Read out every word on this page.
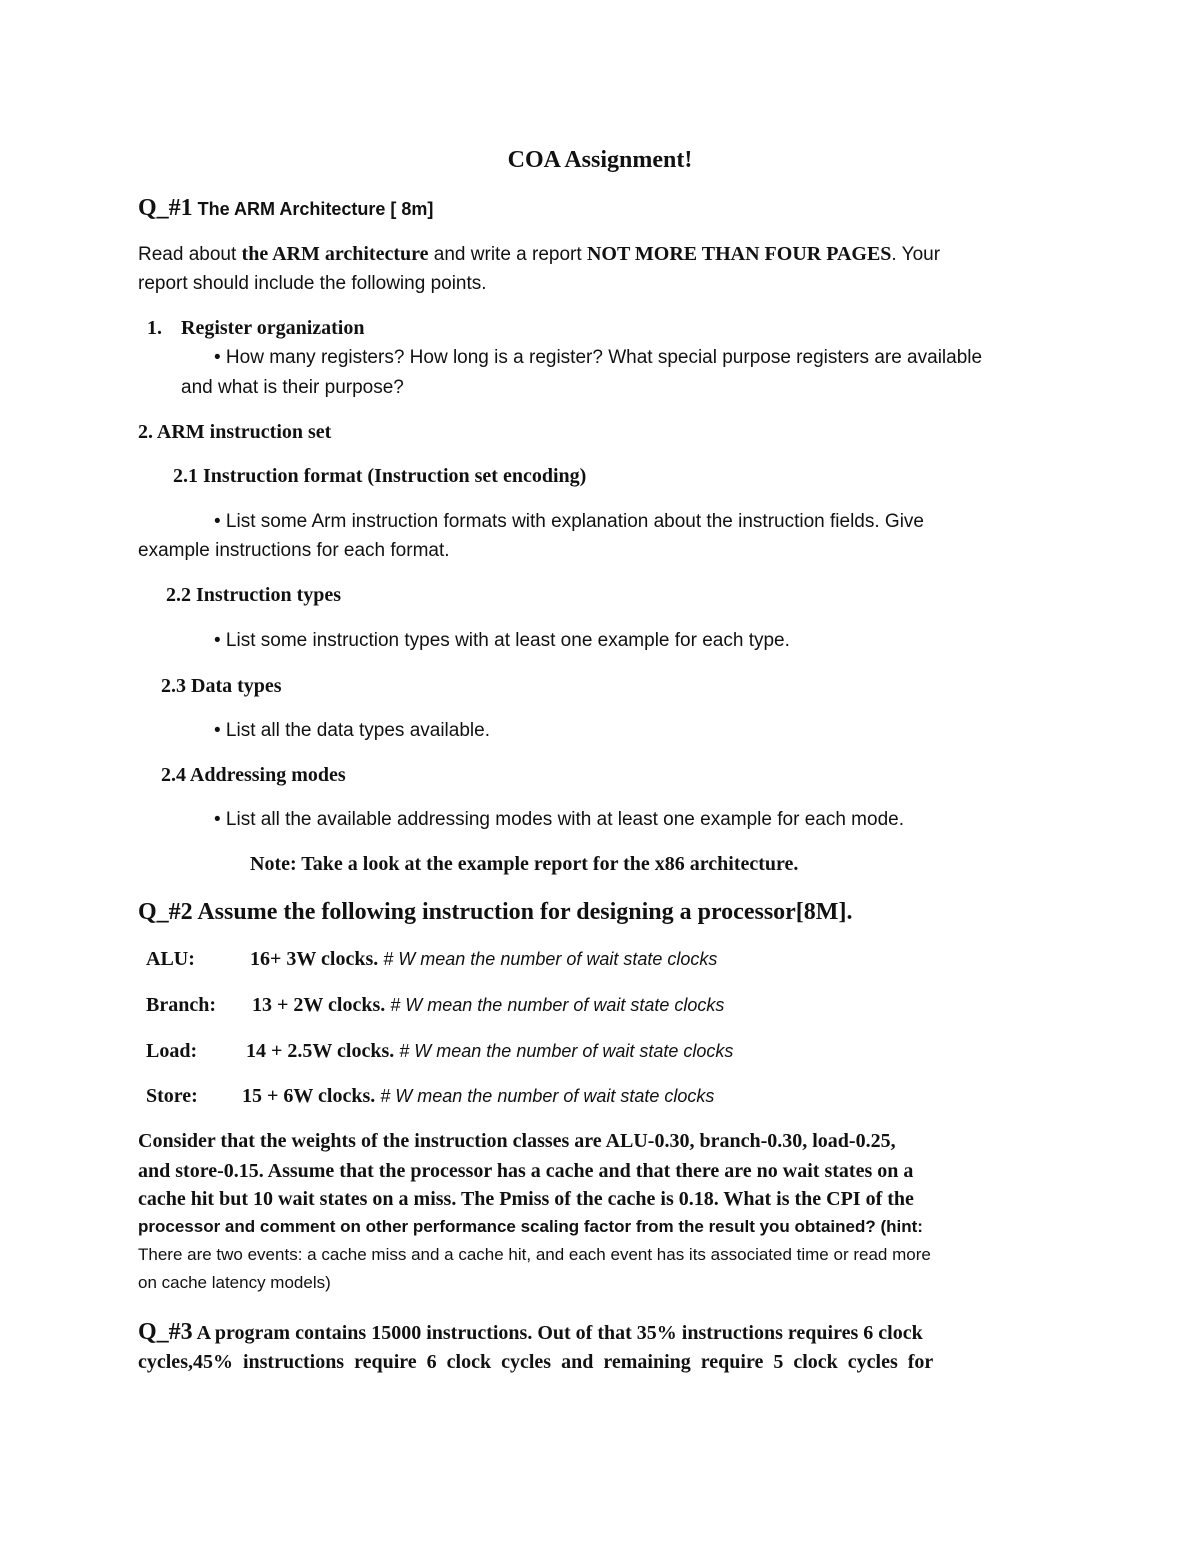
COA Assignment!
Q_#1 The ARM Architecture [ 8m]
Read about the ARM architecture and write a report NOT MORE THAN FOUR PAGES. Your
report should include the following points.
1. Register organization
• How many registers? How long is a register? What special purpose registers are available
and what is their purpose?
2. ARM instruction set
2.1 Instruction format (Instruction set encoding)
• List some Arm instruction formats with explanation about the instruction fields. Give
example instructions for each format.
2.2 Instruction types
• List some instruction types with at least one example for each type.
2.3 Data types
• List all the data types available.
2.4 Addressing modes
• List all the available addressing modes with at least one example for each mode.
Note: Take a look at the example report for the x86 architecture.
Q_#2 Assume the following instruction for designing a processor[8M].
ALU:	16+ 3W clocks. # W mean the number of wait state clocks
Branch: 13 + 2W clocks. # W mean the number of wait state clocks
Load: 14 + 2.5W clocks. # W mean the number of wait state clocks
Store: 15 + 6W clocks. # W mean the number of wait state clocks
Consider that the weights of the instruction classes are ALU-0.30, branch-0.30, load-0.25,
and store-0.15. Assume that the processor has a cache and that there are no wait states on a
cache hit but 10 wait states on a miss. The Pmiss of the cache is 0.18. What is the CPI of the
processor and comment on other performance scaling factor from the result you obtained? (hint:
There are two events: a cache miss and a cache hit, and each event has its associated time or read more
on cache latency models)
Q_#3 A program contains 15000 instructions. Out of that 35% instructions requires 6 clock
cycles,45% instructions require 6 clock cycles and remaining require 5 clock cycles for
